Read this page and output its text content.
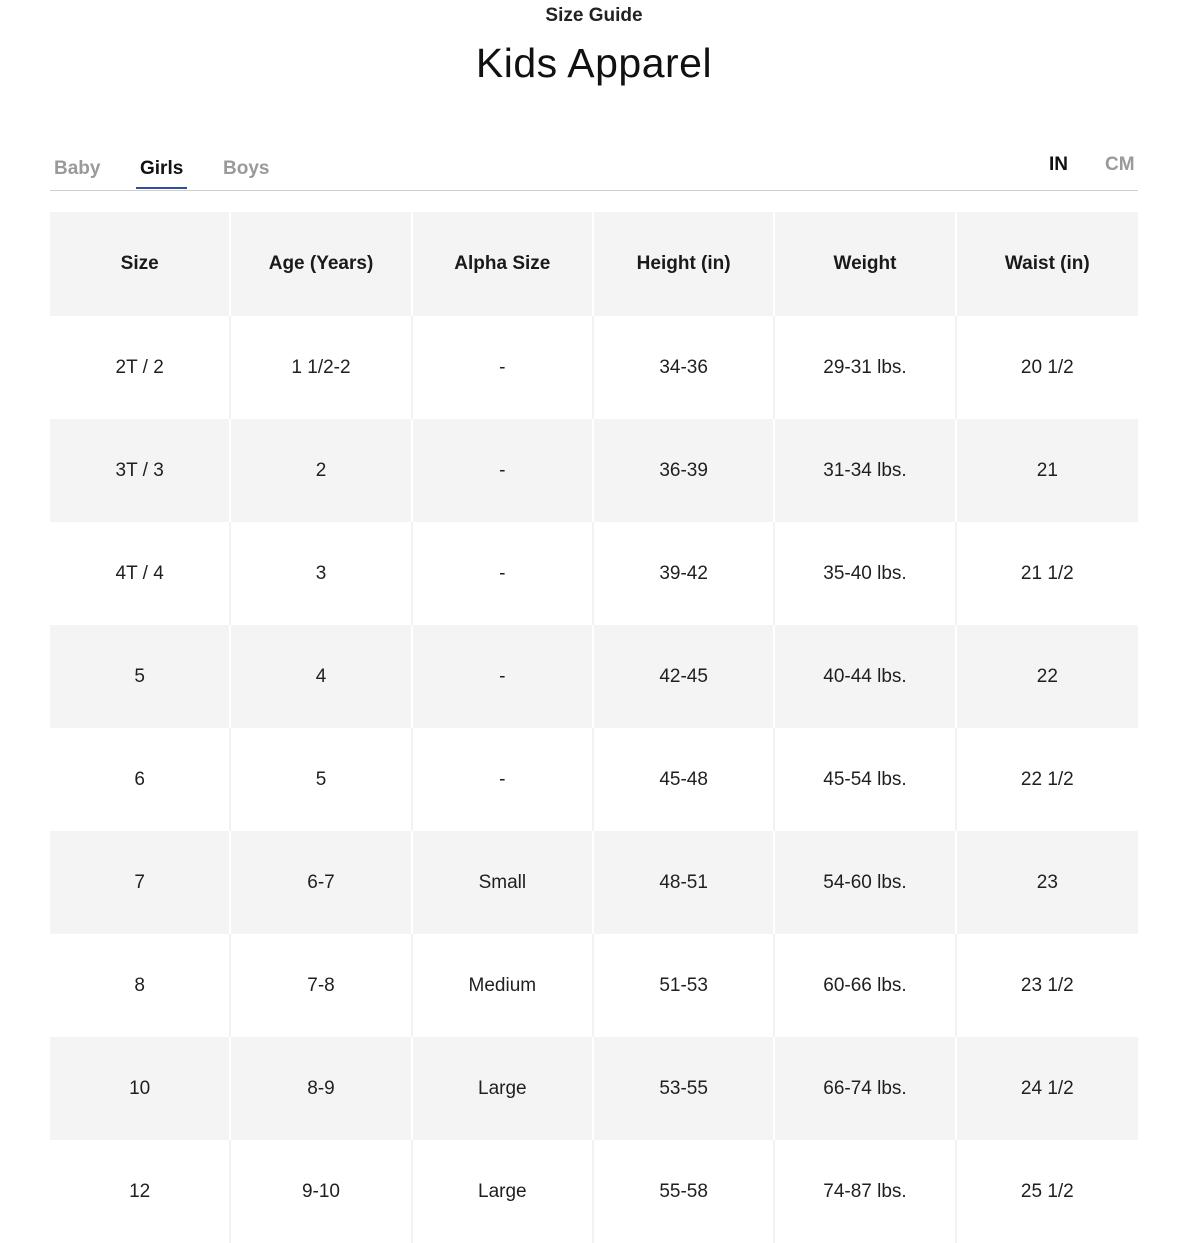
Size Guide
Kids Apparel
Baby Girls Boys	IN CM
Size	Age (Years)	Alpha Size	Height (in)	Weight	Waist (in)
2T / 2	1 1/2-2	-	34-36	29-31 lbs.	20 1/2
3T / 3	2	-	36-39	31-34 lbs.	21
4T / 4	3	-	39-42	35-40 lbs.	21 1/2
5	4	-	42-45	40-44 lbs.	22
6	5	-	45-48	45-54 lbs.	22 1/2
7	6-7	Small	48-51	54-60 lbs.	23
8	7-8	Medium	51-53	60-66 lbs.	23 1/2
10	8-9	Large	53-55	66-74 lbs.	24 1/2
12	9-10	Large	55-58	74-87 lbs.	25 1/2
